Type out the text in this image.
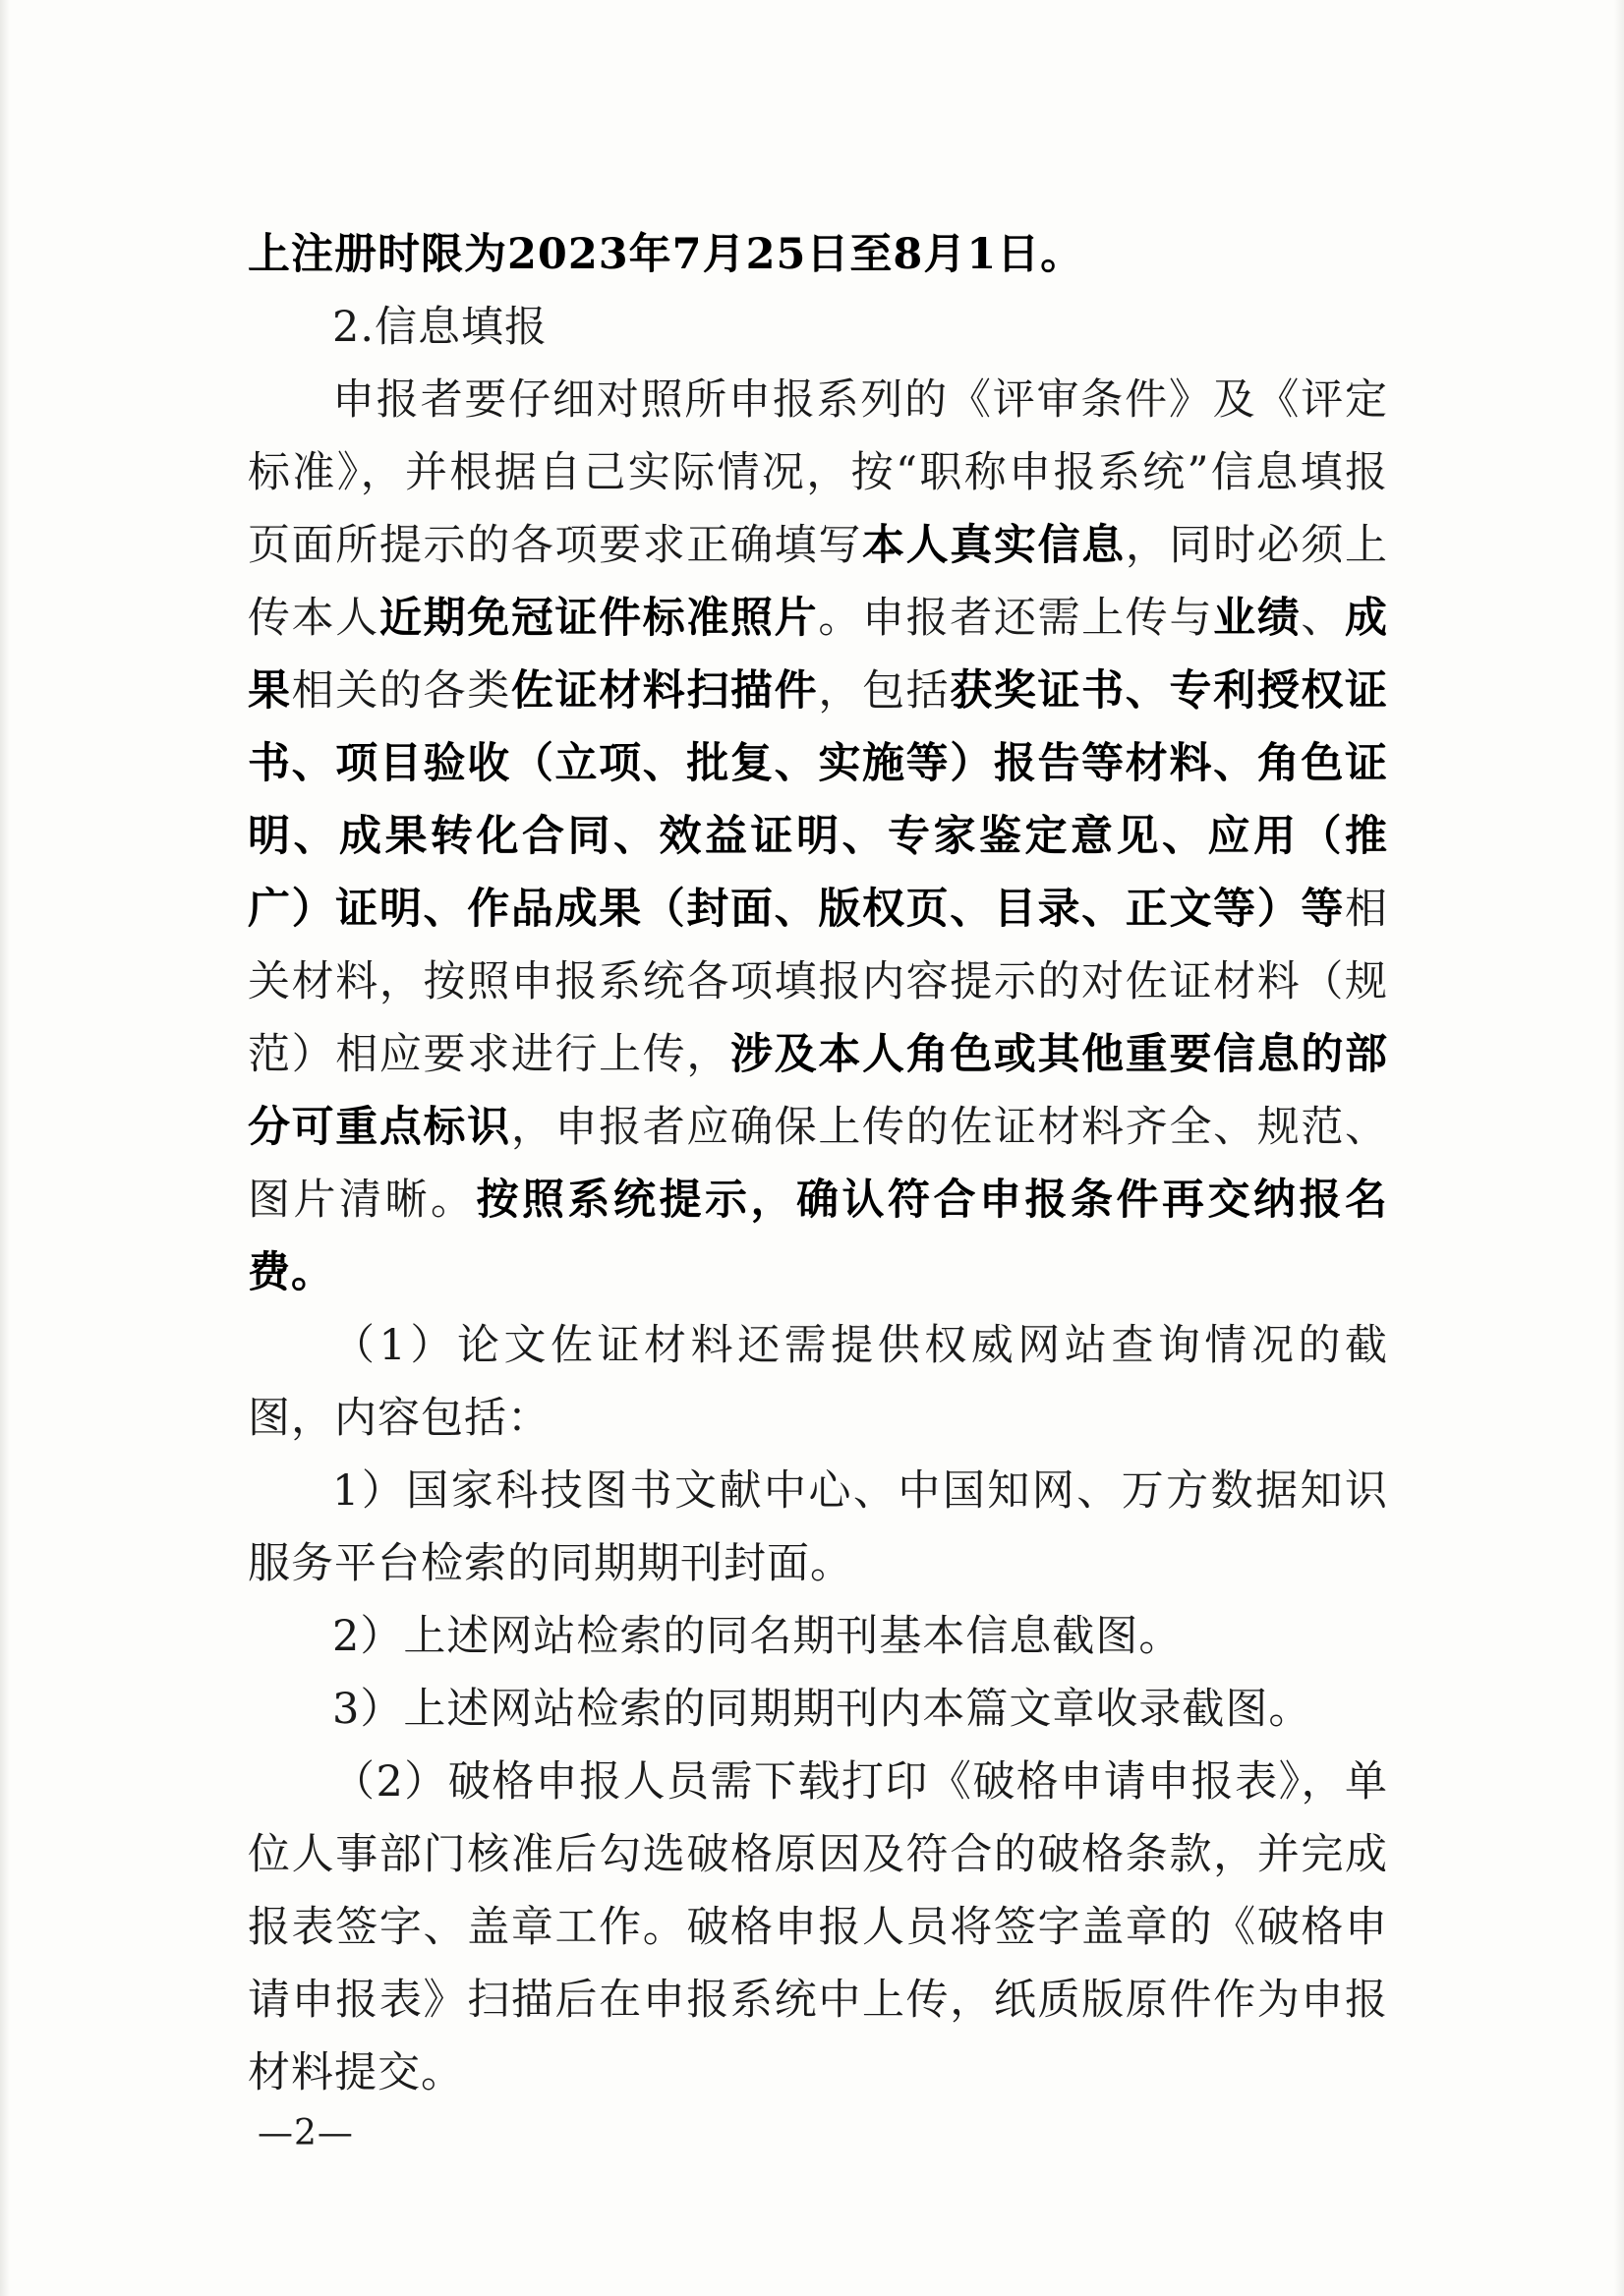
上注册时限为2023年7月25日至8月1日。

2.信息填报

申报者要仔细对照所申报系列的《评审条件》及《评定标准》，并根据自己实际情况，按“职称申报系统”信息填报页面所提示的各项要求正确填写本人真实信息，同时必须上传本人近期免冠证件标准照片。申报者还需上传与业绩、成果相关的各类佐证材料扫描件，包括获奖证书、专利授权证书、项目验收（立项、批复、实施等）报告等材料、角色证明、成果转化合同、效益证明、专家鉴定意见、应用（推广）证明、作品成果（封面、版权页、目录、正文等）等相关材料，按照申报系统各项填报内容提示的对佐证材料（规范）相应要求进行上传，涉及本人角色或其他重要信息的部分可重点标识，申报者应确保上传的佐证材料齐全、规范、图片清晰。按照系统提示，确认符合申报条件再交纳报名费。

（1）论文佐证材料还需提供权威网站查询情况的截图，内容包括：

1）国家科技图书文献中心、中国知网、万方数据知识服务平台检索的同期期刊封面。

2）上述网站检索的同名期刊基本信息截图。

3）上述网站检索的同期期刊内本篇文章收录截图。

（2）破格申报人员需下载打印《破格申请申报表》，单位人事部门核准后勾选破格原因及符合的破格条款，并完成报表签字、盖章工作。破格申报人员将签字盖章的《破格申请申报表》扫描后在申报系统中上传，纸质版原件作为申报材料提交。

—2—
